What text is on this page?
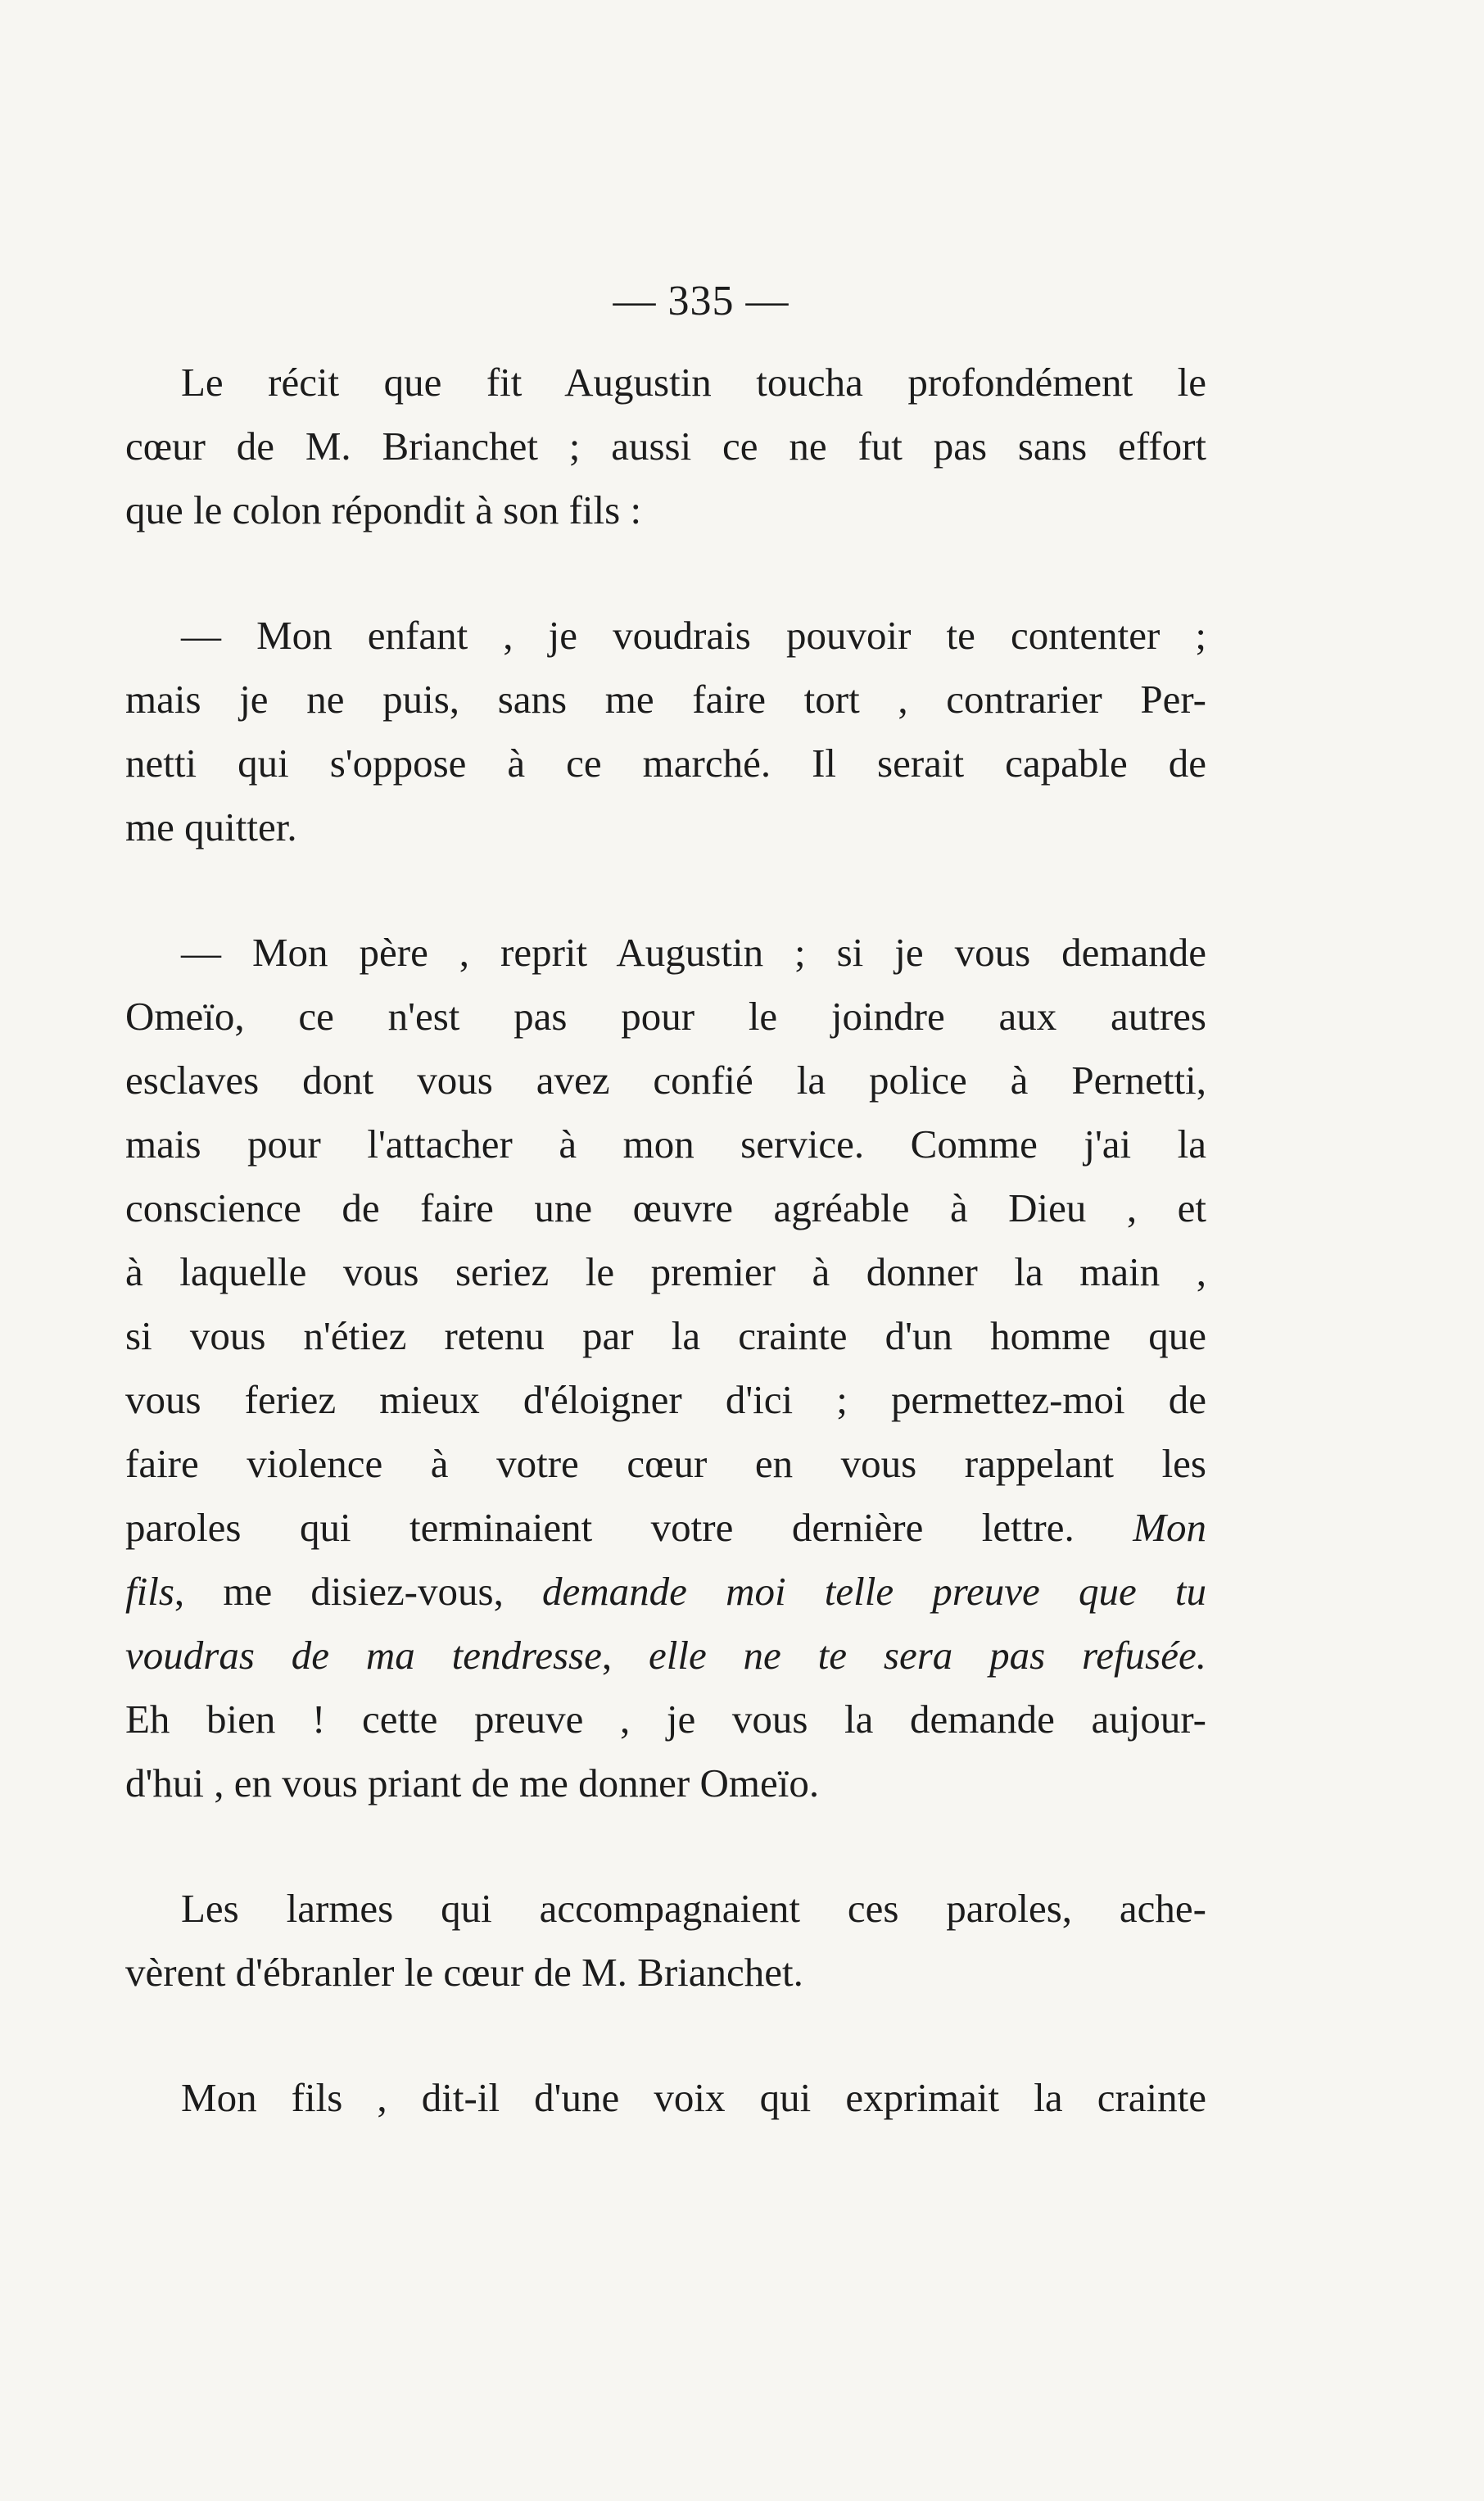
— 335 —

Le récit que fit Augustin toucha profondément le
cœur de M. Brianchet ; aussi ce ne fut pas sans effort
que le colon répondit à son fils :

— Mon enfant , je voudrais pouvoir te contenter ;
mais je ne puis, sans me faire tort , contrarier Per-
netti qui s'oppose à ce marché. Il serait capable de
me quitter.

— Mon père , reprit Augustin ; si je vous demande
Omeïo, ce n'est pas pour le joindre aux autres
esclaves dont vous avez confié la police à Pernetti,
mais pour l'attacher à mon service. Comme j'ai la
conscience de faire une œuvre agréable à Dieu , et
à laquelle vous seriez le premier à donner la main ,
si vous n'étiez retenu par la crainte d'un homme que
vous feriez mieux d'éloigner d'ici ; permettez-moi de
faire violence à votre cœur en vous rappelant les
paroles qui terminaient votre dernière lettre. Mon
fils, me disiez-vous, demande moi telle preuve que tu
voudras de ma tendresse, elle ne te sera pas refusée.
Eh bien ! cette preuve , je vous la demande aujour-
d'hui , en vous priant de me donner Omeïo.

Les larmes qui accompagnaient ces paroles, ache-
vèrent d'ébranler le cœur de M. Brianchet.

Mon fils , dit-il d'une voix qui exprimait la crainte
